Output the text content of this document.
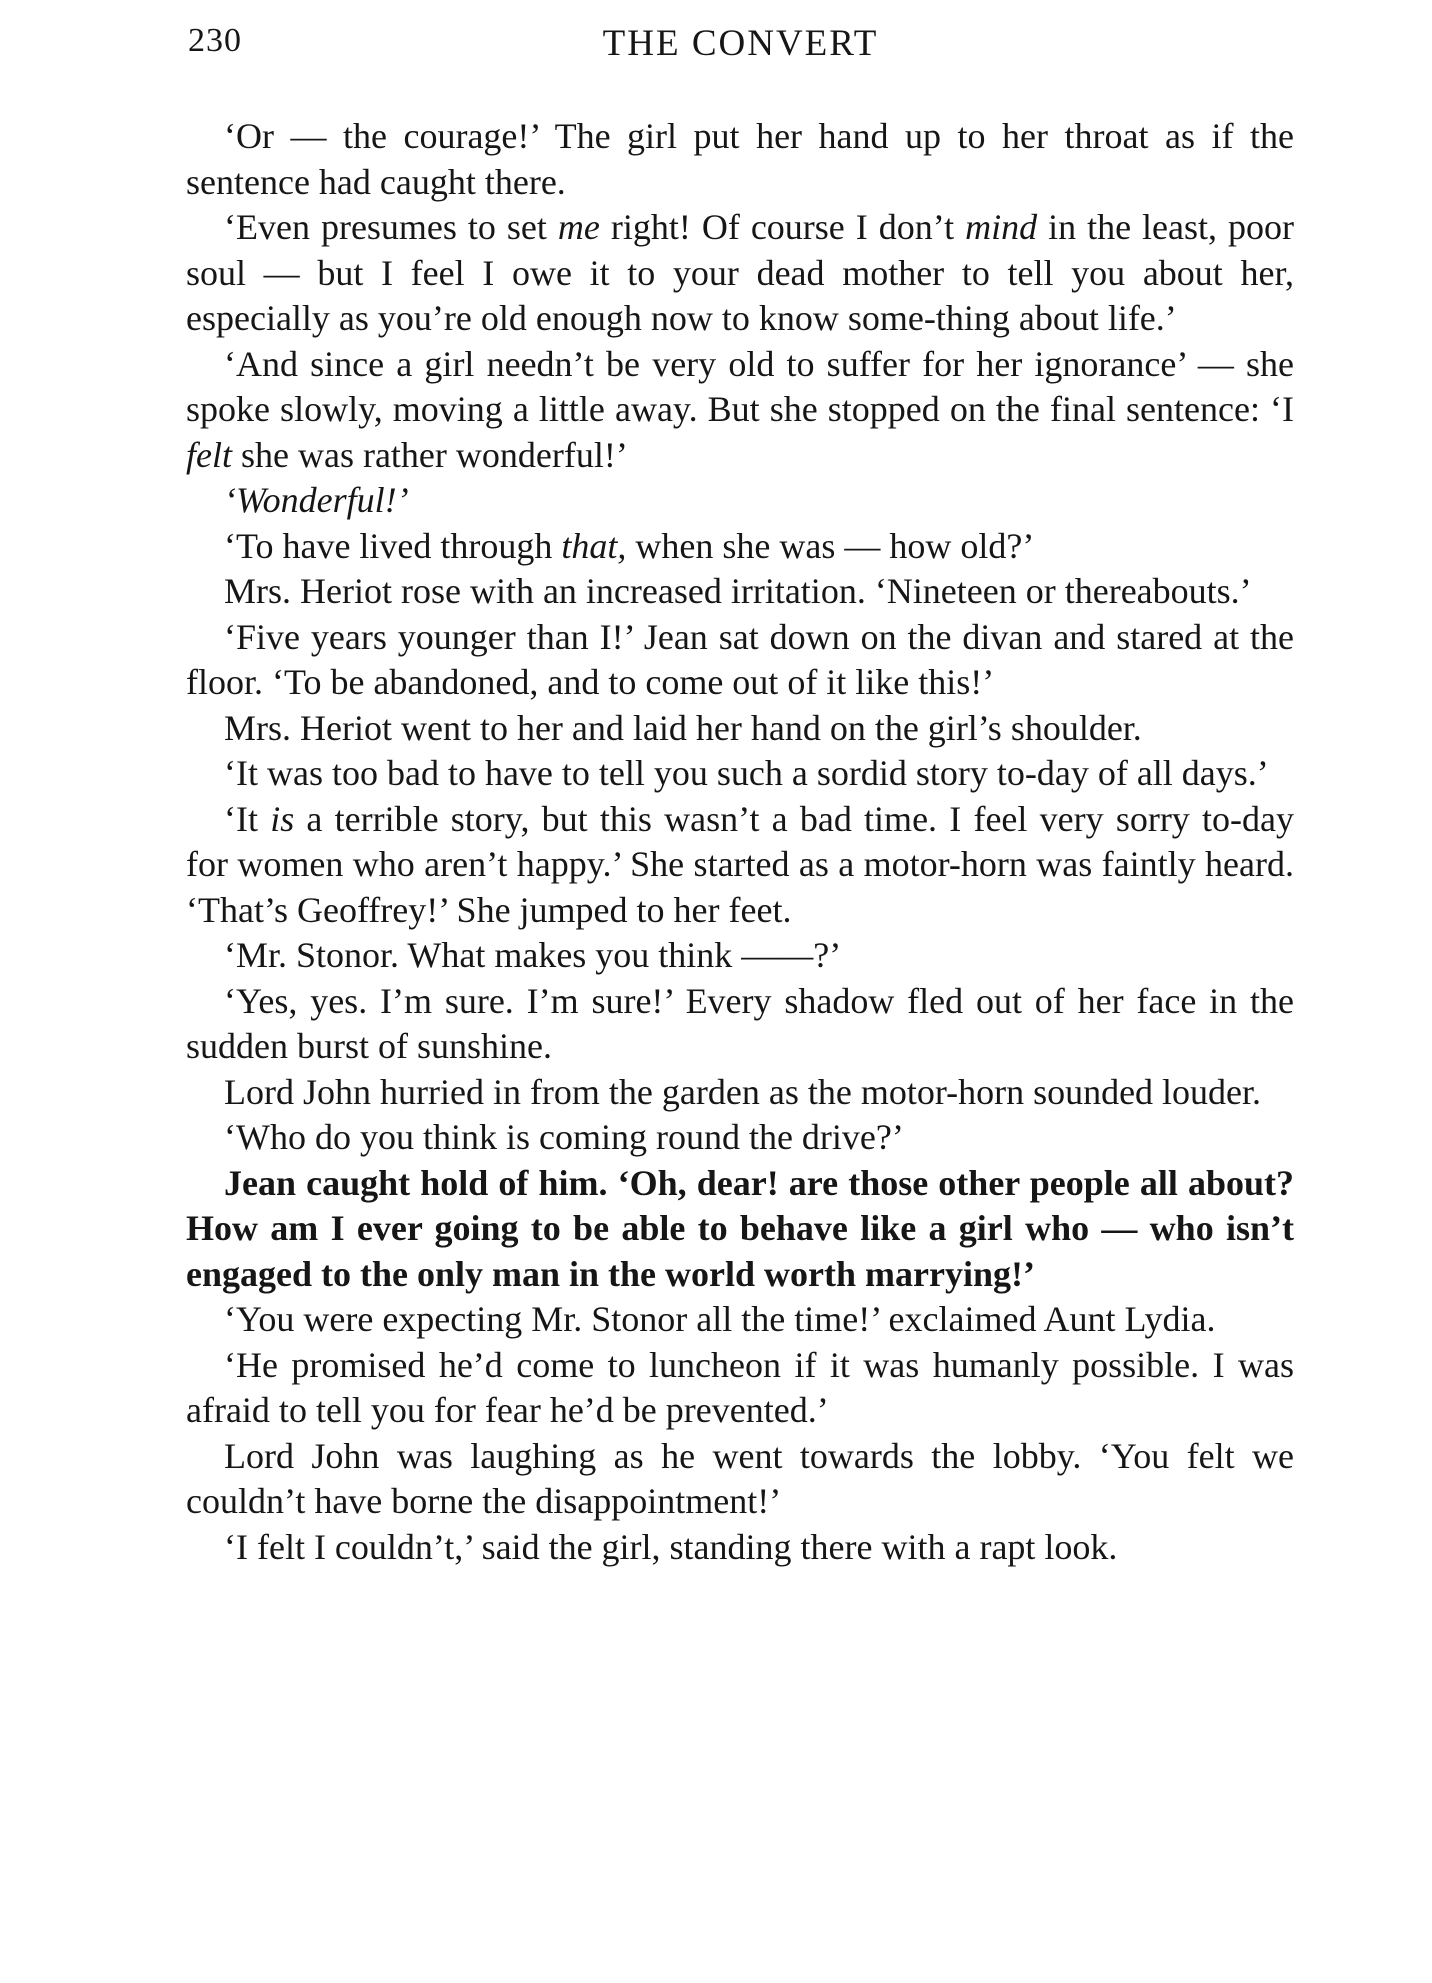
230	THE CONVERT

‘Or — the courage!’ The girl put her hand up to her throat as if the sentence had caught there.

‘Even presumes to set me right! Of course I don’t mind in the least, poor soul — but I feel I owe it to your dead mother to tell you about her, especially as you’re old enough now to know some-thing about life.’

‘And since a girl needn’t be very old to suffer for her ignorance’ — she spoke slowly, moving a little away. But she stopped on the final sentence: ‘I felt she was rather wonderful!’

‘Wonderful!’

‘To have lived through that, when she was — how old?’

Mrs. Heriot rose with an increased irritation. ‘Nineteen or thereabouts.’

‘Five years younger than I!’ Jean sat down on the divan and stared at the floor. ‘To be abandoned, and to come out of it like this!’

Mrs. Heriot went to her and laid her hand on the girl’s shoulder.

‘It was too bad to have to tell you such a sordid story to-day of all days.’

‘It is a terrible story, but this wasn’t a bad time. I feel very sorry to-day for women who aren’t happy.’ She started as a motor-horn was faintly heard. ‘That’s Geoffrey!’ She jumped to her feet.

‘Mr. Stonor. What makes you think ——?’

‘Yes, yes. I’m sure. I’m sure!’ Every shadow fled out of her face in the sudden burst of sunshine.

Lord John hurried in from the garden as the motor-horn sounded louder.

‘Who do you think is coming round the drive?’

Jean caught hold of him. ‘Oh, dear! are those other people all about? How am I ever going to be able to behave like a girl who — who isn’t engaged to the only man in the world worth marrying!’

‘You were expecting Mr. Stonor all the time!’ exclaimed Aunt Lydia.

‘He promised he’d come to luncheon if it was humanly possible. I was afraid to tell you for fear he’d be prevented.’

Lord John was laughing as he went towards the lobby. ‘You felt we couldn’t have borne the disappointment!’

‘I felt I couldn’t,’ said the girl, standing there with a rapt look.
